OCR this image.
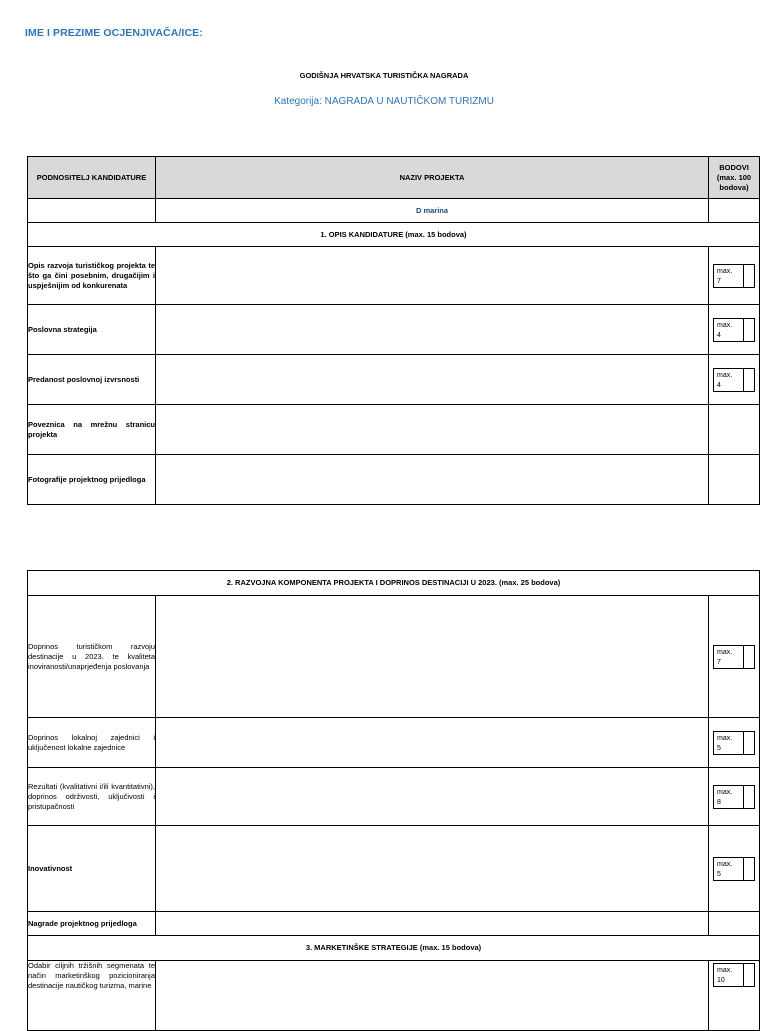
IME I PREZIME OCJENJIVAČA/ICE:
GODIŠNJA HRVATSKA TURISTIČKA NAGRADA
Kategorija: NAGRADA U NAUTIČKOM TURIZMU
PODNOSITELJ KANDIDATURE	NAZIV PROJEKTA	BODOVI (max. 100 bodova)
	D marina	
1. OPIS KANDIDATURE (max. 15 bodova)		
Opis razvoja turističkog projekta te što ga čini posebnim, drugačijim i uspješnijim od konkurenata		max.
7

Poslovna strategija		max.
4

Predanost poslovnoj izvrsnosti		max.
4

Poveznica na mrežnu stranicu projekta		
Fotografije projektnog prijedloga		
2. RAZVOJNA KOMPONENTA PROJEKTA I DOPRINOS DESTINACIJI U 2023. (max. 25 bodova)		
Doprinos turističkom razvoju destinacije u 2023. te kvaliteta inoviranosti/unaprjeđenja poslovanja		max.
7

Doprinos lokalnoj zajednici i uključenost lokalne zajednice		max.
5

Rezultati (kvalitativni i/ili kvantitativni), doprinos održivosti, uključivosti i pristupačnosti		max.
8

Inovativnost		max.
5

Nagrade projektnog prijedloga		
3. MARKETINŠKE STRATEGIJE (max. 15 bodova)		
Odabir ciljnih tržišnih segmenata te način marketinškog pozicioniranja destinacije nautičkog turizma, marine		max.
10
